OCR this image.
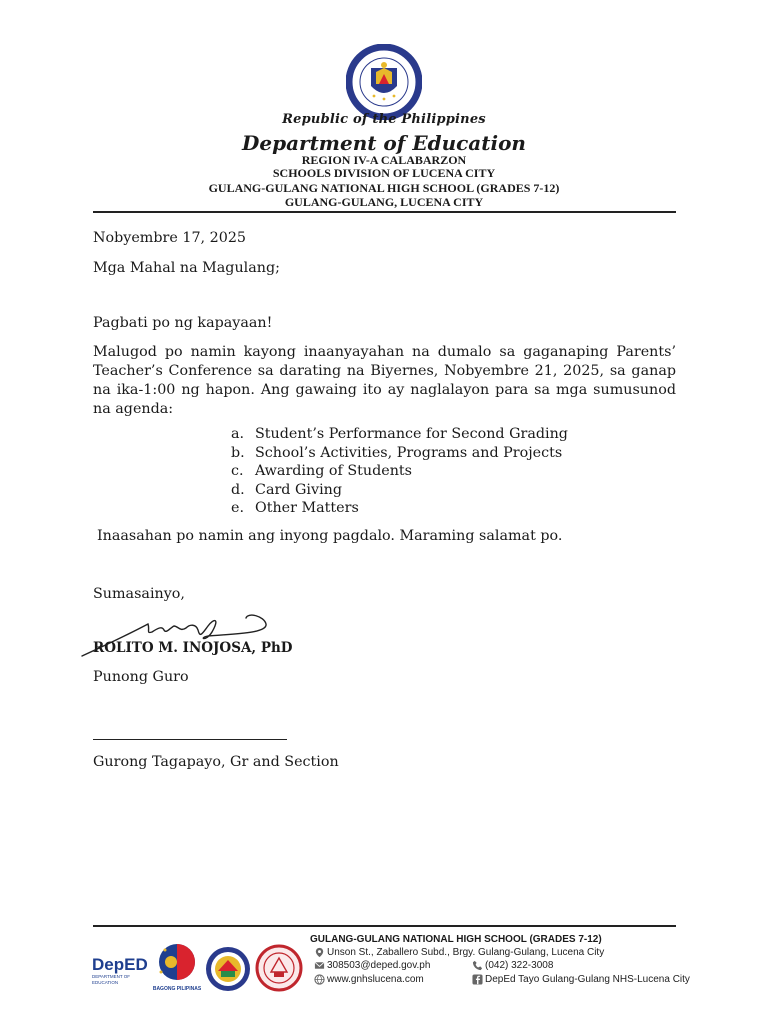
Republic of the Philippines
Department of Education
REGION IV-A CALABARZON
SCHOOLS DIVISION OF LUCENA CITY
GULANG-GULANG NATIONAL HIGH SCHOOL (GRADES 7-12)
GULANG-GULANG, LUCENA CITY
Nobyembre 17, 2025
Mga Mahal na Magulang;
Pagbati po ng kapayaan!
Malugod po namin kayong inaanyayahan na dumalo sa gaganaping Parents’ Teacher’s Conference sa darating na Biyernes, Nobyembre 21, 2025, sa ganap na ika-1:00 ng hapon. Ang gawaing ito ay naglalayon para sa mga sumusunod na agenda:
a. Student’s Performance for Second Grading
b. School’s Activities, Programs and Projects
c. Awarding of Students
d. Card Giving
e. Other Matters
Inaasahan po namin ang inyong pagdalo. Maraming salamat po.
Sumasainyo,
ROLITO M. INOJOSA, PhD
Punong Guro
Gurong Tagapayo, Gr and Section
DepED
DEPARTMENT OF EDUCATION
BAGONG PILIPINAS
GULANG-GULANG NATIONAL HIGH SCHOOL (GRADES 7-12)
Unson St., Zaballero Subd., Brgy. Gulang-Gulang, Lucena City
308503@deped.gov.ph	(042) 322-3008
www.gnhslucena.com	DepEd Tayo Gulang-Gulang NHS-Lucena City
